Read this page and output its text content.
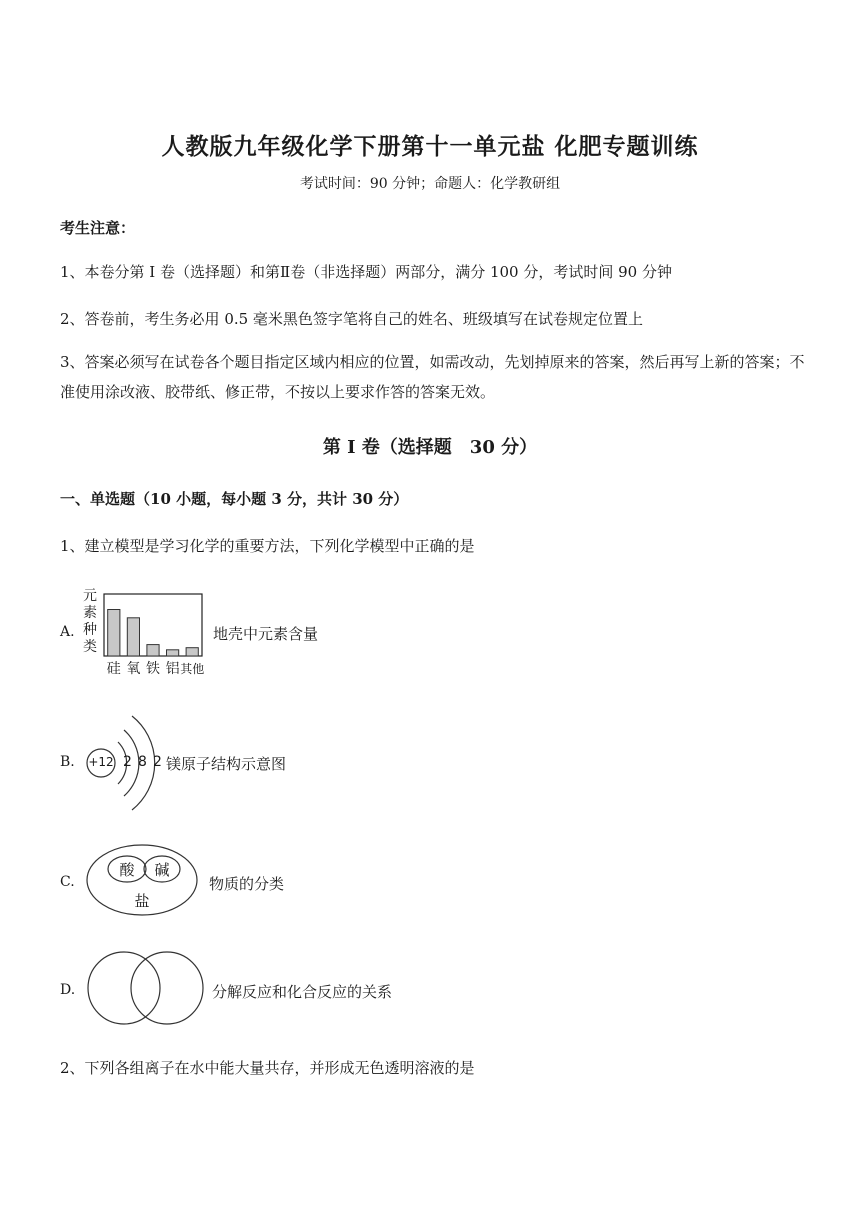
人教版九年级化学下册第十一单元盐 化肥专题训练
考试时间：90 分钟；命题人：化学教研组
考生注意：
1、本卷分第 I 卷（选择题）和第Ⅱ卷（非选择题）两部分，满分 100 分，考试时间 90 分钟
2、答卷前，考生务必用 0.5 毫米黑色签字笔将自己的姓名、班级填写在试卷规定位置上
3、答案必须写在试卷各个题目指定区域内相应的位置，如需改动，先划掉原来的答案，然后再写上新的答案；不准使用涂改液、胶带纸、修正带，不按以上要求作答的答案无效。
第 I 卷（选择题　30 分）
一、单选题（10 小题，每小题 3 分，共计 30 分）
1、建立模型是学习化学的重要方法，下列化学模型中正确的是
A.
元素种类
硅 氧 铁 铝 其他
地壳中元素含量
B. +12 2 8 2 镁原子结构示意图
C.
酸	碱
盐
物质的分类
D.	分解反应和化合反应的关系
2、下列各组离子在水中能大量共存，并形成无色透明溶液的是
